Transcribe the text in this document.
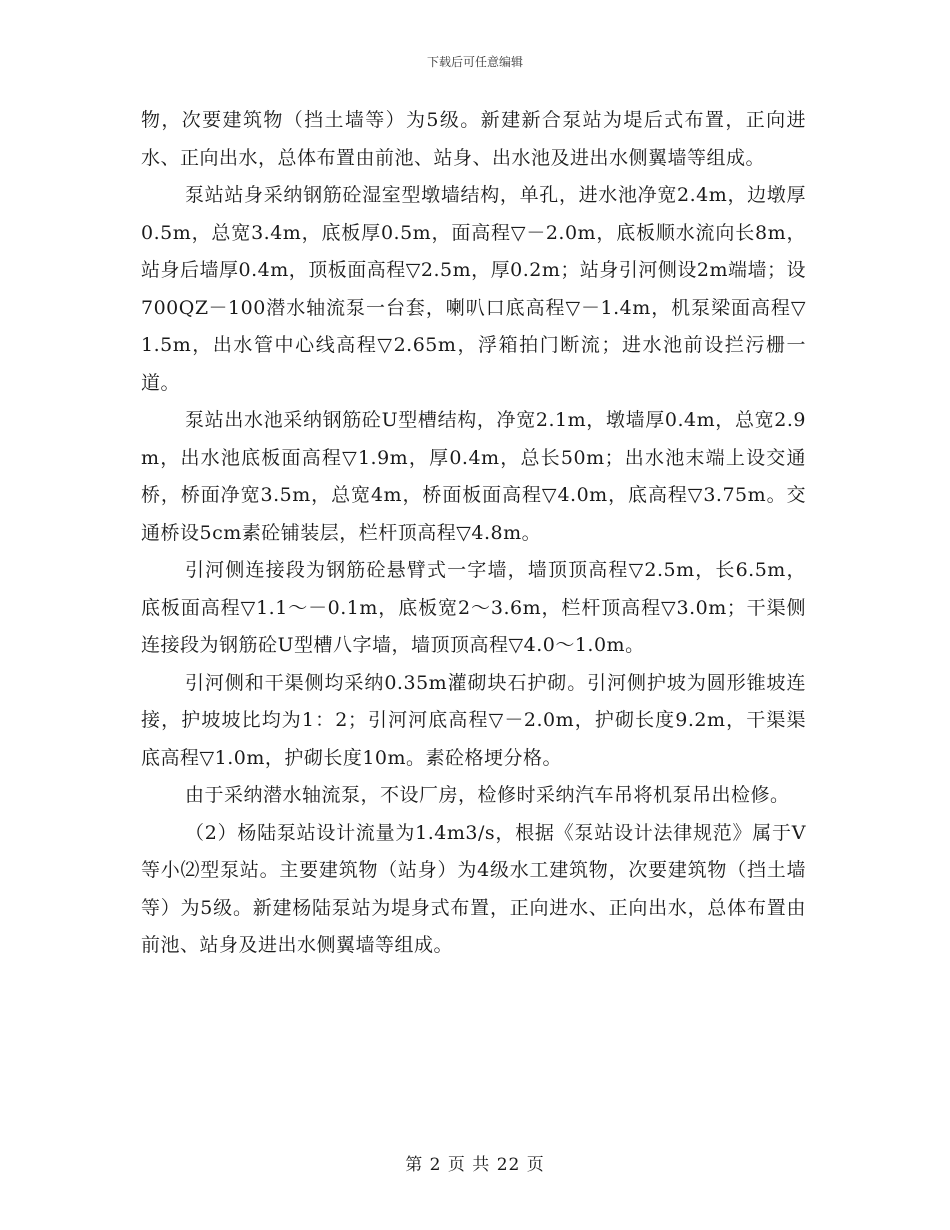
下载后可任意编辑

物，次要建筑物（挡土墙等）为5级。新建新合泵站为堤后式布置，正向进水、正向出水，总体布置由前池、站身、出水池及进出水侧翼墙等组成。

泵站站身采纳钢筋砼湿室型墩墙结构，单孔，进水池净宽2.4m，边墩厚0.5m，总宽3.4m，底板厚0.5m，面高程▽－2.0m，底板顺水流向长8m，站身后墙厚0.4m，顶板面高程▽2.5m，厚0.2m；站身引河侧设2m端墙；设700QZ－100潜水轴流泵一台套，喇叭口底高程▽－1.4m，机泵梁面高程▽1.5m，出水管中心线高程▽2.65m，浮箱拍门断流；进水池前设拦污栅一道。

泵站出水池采纳钢筋砼U型槽结构，净宽2.1m，墩墙厚0.4m，总宽2.9m，出水池底板面高程▽1.9m，厚0.4m，总长50m；出水池末端上设交通桥，桥面净宽3.5m，总宽4m，桥面板面高程▽4.0m，底高程▽3.75m。交通桥设5cm素砼铺装层，栏杆顶高程▽4.8m。

引河侧连接段为钢筋砼悬臂式一字墙，墙顶顶高程▽2.5m，长6.5m，底板面高程▽1.1～－0.1m，底板宽2～3.6m，栏杆顶高程▽3.0m；干渠侧连接段为钢筋砼U型槽八字墙，墙顶顶高程▽4.0～1.0m。

引河侧和干渠侧均采纳0.35m灌砌块石护砌。引河侧护坡为圆形锥坡连接，护坡坡比均为1：2；引河河底高程▽－2.0m，护砌长度9.2m，干渠渠底高程▽1.0m，护砌长度10m。素砼格埂分格。

由于采纳潜水轴流泵，不设厂房，检修时采纳汽车吊将机泵吊出检修。

（2）杨陆泵站设计流量为1.4m3/s，根据《泵站设计法律规范》属于Ⅴ等小⑵型泵站。主要建筑物（站身）为4级水工建筑物，次要建筑物（挡土墙等）为5级。新建杨陆泵站为堤身式布置，正向进水、正向出水，总体布置由前池、站身及进出水侧翼墙等组成。

第 2 页 共 22 页
